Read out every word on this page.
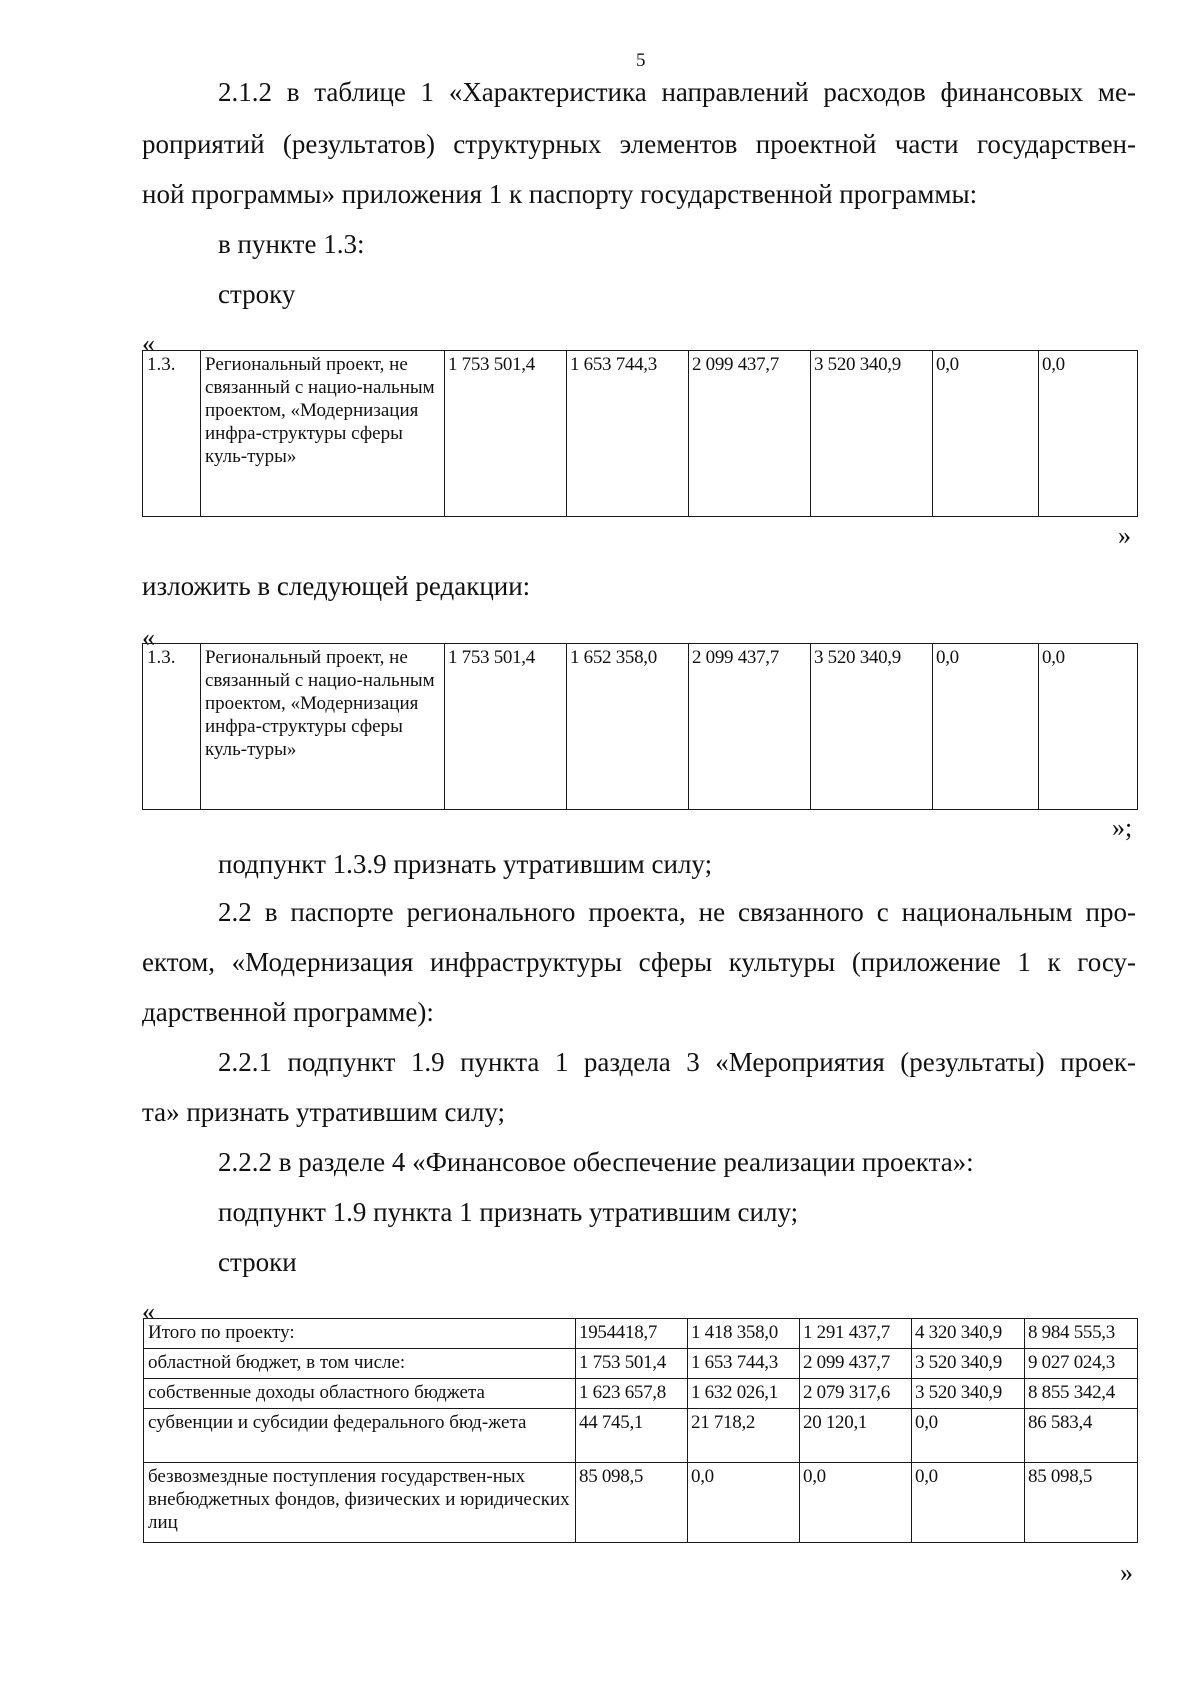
5
2.1.2 в таблице 1 «Характеристика направлений расходов финансовых ме-
роприятий (результатов) структурных элементов проектной части государствен-
ной программы» приложения 1 к паспорту государственной программы:
в пункте 1.3:
строку
«
1.3.	Региональный проект, не связанный с нацио-нальным проектом, «Модернизация инфра-структуры сферы куль-туры»	1 753 501,4	1 653 744,3	2 099 437,7	3 520 340,9	0,0	0,0
»
изложить в следующей редакции:
«
1.3.	Региональный проект, не связанный с нацио-нальным проектом, «Модернизация инфра-структуры сферы куль-туры»	1 753 501,4	1 652 358,0	2 099 437,7	3 520 340,9	0,0	0,0
»;
подпункт 1.3.9 признать утратившим силу;
2.2 в паспорте регионального проекта, не связанного с национальным про-
ектом, «Модернизация инфраструктуры сферы культуры (приложение 1 к госу-
дарственной программе):
2.2.1 подпункт 1.9 пункта 1 раздела 3 «Мероприятия (результаты) проек-
та» признать утратившим силу;
2.2.2 в разделе 4 «Финансовое обеспечение реализации проекта»:
подпункт 1.9 пункта 1 признать утратившим силу;
строки
«
Итого по проекту:	1954418,7	1 418 358,0	1 291 437,7	4 320 340,9	8 984 555,3
областной бюджет, в том числе:	1 753 501,4	1 653 744,3	2 099 437,7	3 520 340,9	9 027 024,3
собственные доходы областного бюджета	1 623 657,8	1 632 026,1	2 079 317,6	3 520 340,9	8 855 342,4
субвенции и субсидии федерального бюд-жета	44 745,1	21 718,2	20 120,1	0,0	86 583,4
безвозмездные поступления государствен-ных внебюджетных фондов, физических и юридических лиц	85 098,5	0,0	0,0	0,0	85 098,5
»
